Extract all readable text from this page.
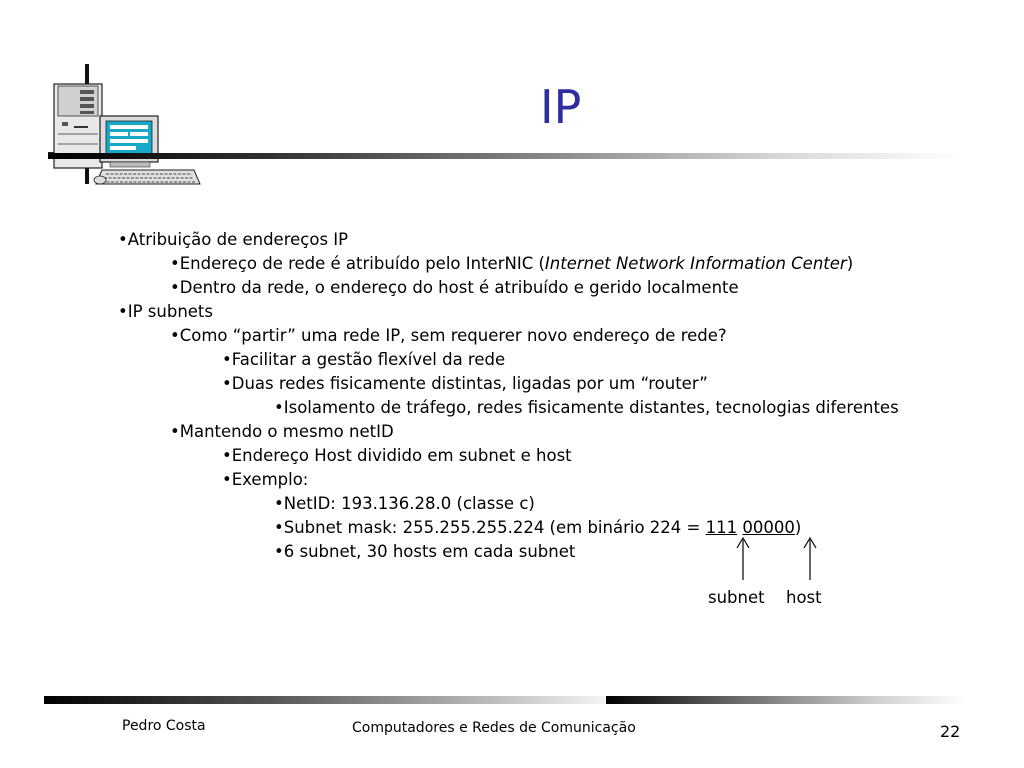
IP
•Atribuição de endereços IP
•Endereço de rede é atribuído pelo InterNIC (Internet Network Information Center)
•Dentro da rede, o endereço do host é atribuído e gerido localmente
•IP subnets
•Como “partir” uma rede IP, sem requerer novo endereço de rede?
•Facilitar a gestão flexível da rede
•Duas redes fisicamente distintas, ligadas por um “router”
•Isolamento de tráfego, redes fisicamente distantes, tecnologias diferentes
•Mantendo o mesmo netID
•Endereço Host dividido em subnet e host
•Exemplo:
•NetID: 193.136.28.0 (classe c)
•Subnet mask: 255.255.255.224 (em binário 224 = 111 00000)
•6 subnet, 30 hosts em cada subnet
subnet host
Pedro Costa	Computadores e Redes de Comunicação	22
